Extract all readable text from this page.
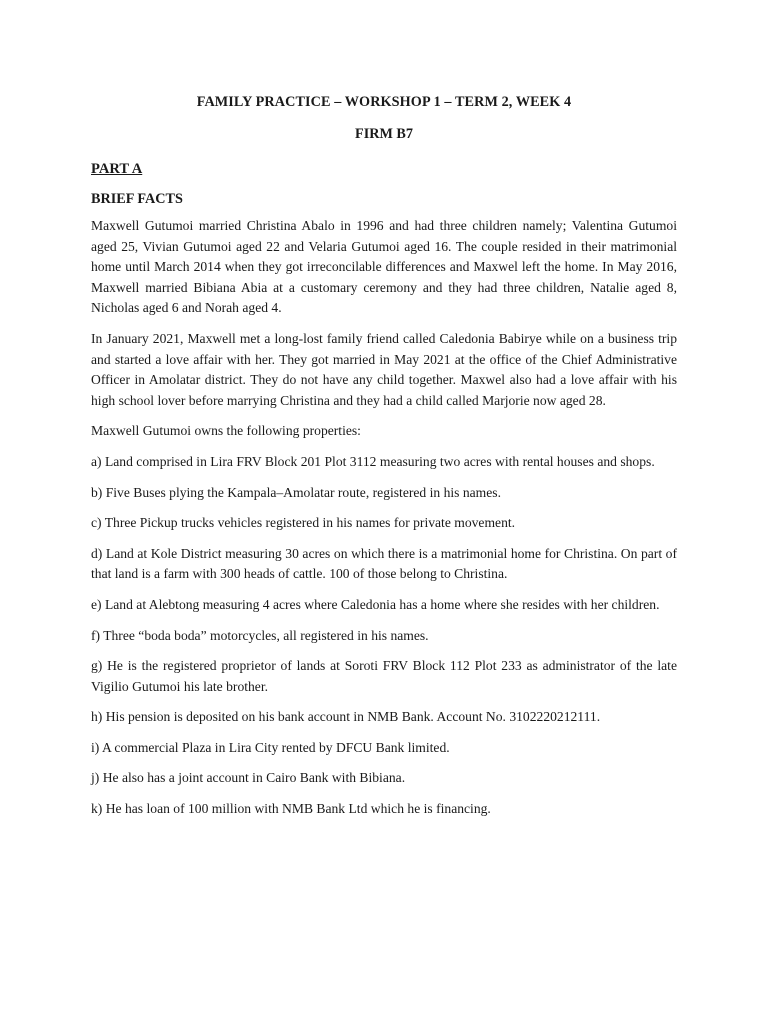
FAMILY PRACTICE – WORKSHOP 1 – TERM 2, WEEK 4
FIRM B7
PART A
BRIEF FACTS

Maxwell Gutumoi married Christina Abalo in 1996 and had three children namely; Valentina Gutumoi aged 25, Vivian Gutumoi aged 22 and Velaria Gutumoi aged 16. The couple resided in their matrimonial home until March 2014 when they got irreconcilable differences and Maxwel left the home. In May 2016, Maxwell married Bibiana Abia at a customary ceremony and they had three children, Natalie aged 8, Nicholas aged 6 and Norah aged 4.

In January 2021, Maxwell met a long-lost family friend called Caledonia Babirye while on a business trip and started a love affair with her. They got married in May 2021 at the office of the Chief Administrative Officer in Amolatar district. They do not have any child together. Maxwel also had a love affair with his high school lover before marrying Christina and they had a child called Marjorie now aged 28.

Maxwell Gutumoi owns the following properties:

a) Land comprised in Lira FRV Block 201 Plot 3112 measuring two acres with rental houses and shops.

b) Five Buses plying the Kampala–Amolatar route, registered in his names.

c) Three Pickup trucks vehicles registered in his names for private movement.

d) Land at Kole District measuring 30 acres on which there is a matrimonial home for Christina. On part of that land is a farm with 300 heads of cattle. 100 of those belong to Christina.

e) Land at Alebtong measuring 4 acres where Caledonia has a home where she resides with her children.

f) Three “boda boda” motorcycles, all registered in his names.

g) He is the registered proprietor of lands at Soroti FRV Block 112 Plot 233 as administrator of the late Vigilio Gutumoi his late brother.

h) His pension is deposited on his bank account in NMB Bank. Account No. 3102220212111.

i) A commercial Plaza in Lira City rented by DFCU Bank limited.

j) He also has a joint account in Cairo Bank with Bibiana.

k) He has loan of 100 million with NMB Bank Ltd which he is financing.
